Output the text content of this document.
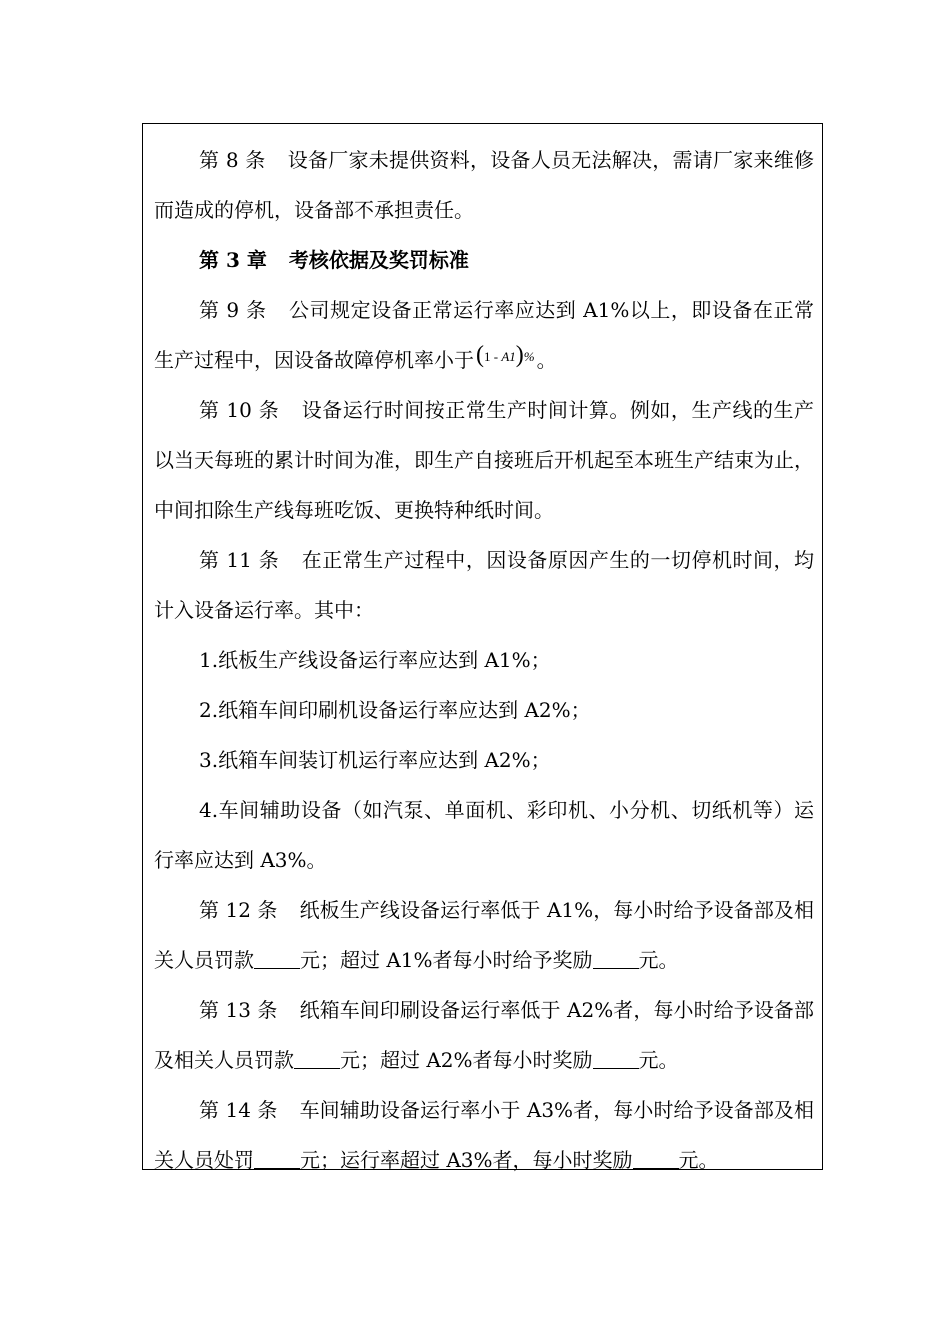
第 8 条 设备厂家未提供资料，设备人员无法解决，需请厂家来维修而造成的停机，设备部不承担责任。

第 3 章 考核依据及奖罚标准

第 9 条 公司规定设备正常运行率应达到 A1%以上，即设备在正常生产过程中，因设备故障停机率小于(1 - A1)% 。

第 10 条 设备运行时间按正常生产时间计算。例如，生产线的生产以当天每班的累计时间为准，即生产自接班后开机起至本班生产结束为止，中间扣除生产线每班吃饭、更换特种纸时间。

第 11 条 在正常生产过程中，因设备原因产生的一切停机时间，均计入设备运行率。其中：

1.纸板生产线设备运行率应达到 A1%；

2.纸箱车间印刷机设备运行率应达到 A2%；

3.纸箱车间装订机运行率应达到 A2%；

4.车间辅助设备（如汽泵、单面机、彩印机、小分机、切纸机等）运行率应达到 A3%。

第 12 条 纸板生产线设备运行率低于 A1%，每小时给予设备部及相关人员罚款 元；超过 A1%者每小时给予奖励 元。

第 13 条 纸箱车间印刷设备运行率低于 A2%者，每小时给予设备部及相关人员罚款 元；超过 A2%者每小时奖励 元。

第 14 条 车间辅助设备运行率小于 A3%者，每小时给予设备部及相关人员处罚 元；运行率超过 A3%者，每小时奖励 元。
